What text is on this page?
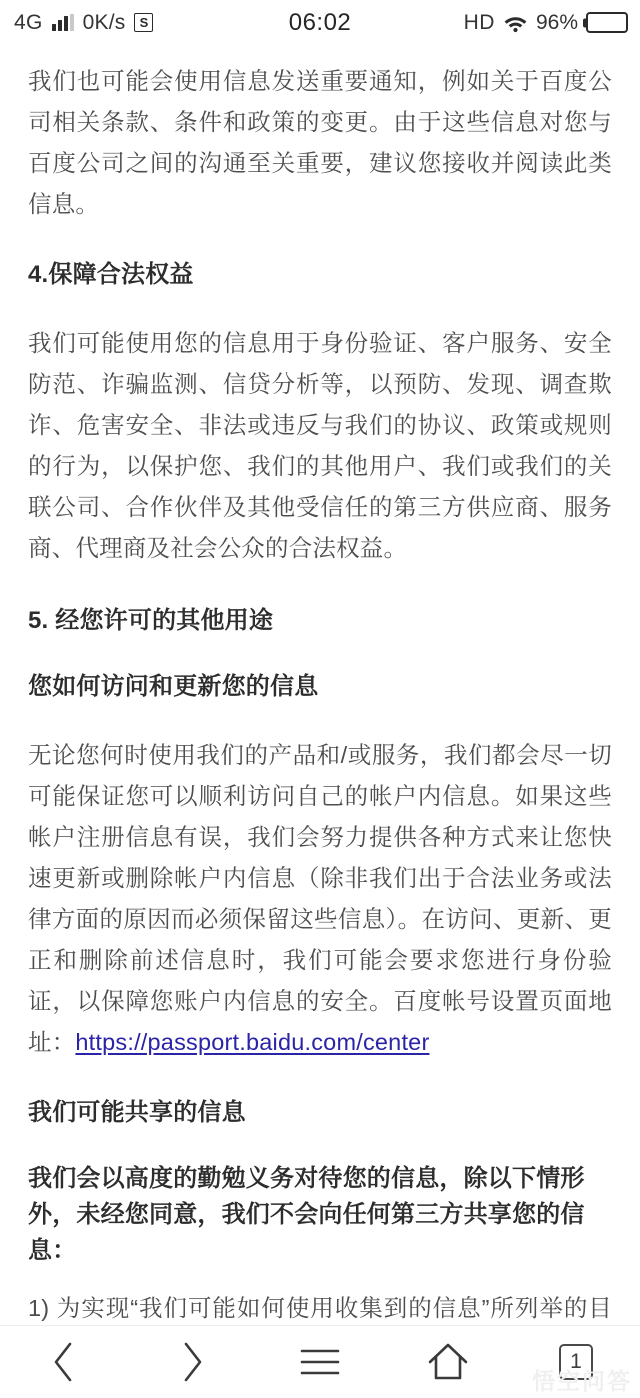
4G 0K/s	S	06:02	HD 96%

我们也可能会使用信息发送重要通知，例如关于百度公司相关条款、条件和政策的变更。由于这些信息对您与百度公司之间的沟通至关重要，建议您接收并阅读此类信息。

4.保障合法权益

我们可能使用您的信息用于身份验证、客户服务、安全防范、诈骗监测、信贷分析等，以预防、发现、调查欺诈、危害安全、非法或违反与我们的协议、政策或规则的行为，以保护您、我们的其他用户、我们或我们的关联公司、合作伙伴及其他受信任的第三方供应商、服务商、代理商及社会公众的合法权益。

5. 经您许可的其他用途
您如何访问和更新您的信息

无论您何时使用我们的产品和/或服务，我们都会尽一切可能保证您可以顺利访问自己的帐户内信息。如果这些帐户注册信息有误，我们会努力提供各种方式来让您快速更新或删除帐户内信息（除非我们出于合法业务或法律方面的原因而必须保留这些信息）。在访问、更新、更正和删除前述信息时，我们可能会要求您进行身份验证，以保障您账户内信息的安全。百度帐号设置页面地址：https://passport.baidu.com/center

我们可能共享的信息
我们会以高度的勤勉义务对待您的信息，除以下情形外，未经您同意，我们不会向任何第三方共享您的信息：

1) 为实现“我们可能如何使用收集到的信息”所列举的目

1
悟空问答
